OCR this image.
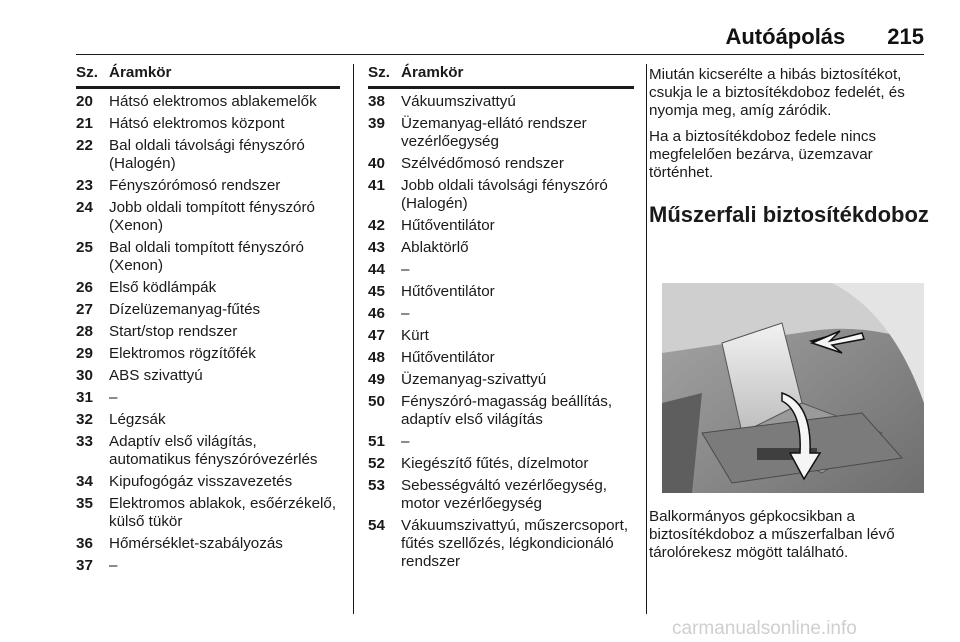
Autóápolás 215
Sz. Áramkör
20	Hátsó elektromos ablakemelők
21	Hátsó elektromos központ
22	Bal oldali távolsági fényszóró (Halogén)
23	Fényszórómosó rendszer
24	Jobb oldali tompított fényszóró (Xenon)
25	Bal oldali tompított fényszóró (Xenon)
26	Első ködlámpák
27	Dízelüzemanyag-fűtés
28	Start/stop rendszer
29	Elektromos rögzítőfék
30	ABS szivattyú
31	–
32	Légzsák
33	Adaptív első világítás, automatikus fényszóróvezérlés
34	Kipufogógáz visszavezetés
35	Elektromos ablakok, esőérzékelő, külső tükör
36	Hőmérséklet-szabályozás
37	–
Sz. Áramkör
38	Vákuumszivattyú
39	Üzemanyag-ellátó rendszer vezérlőegység
40	Szélvédőmosó rendszer
41	Jobb oldali távolsági fényszóró (Halogén)
42	Hűtőventilátor
43	Ablaktörlő
44	–
45	Hűtőventilátor
46	–
47	Kürt
48	Hűtőventilátor
49	Üzemanyag-szivattyú
50	Fényszóró-magasság beállítás, adaptív első világítás
51	–
52	Kiegészítő fűtés, dízelmotor
53	Sebességváltó vezérlőegység, motor vezérlőegység
54	Vákuumszivattyú, műszercsoport, fűtés szellőzés, légkondicionáló rendszer

Miután kicserélte a hibás biztosítékot, csukja le a biztosítékdoboz fedelét, és nyomja meg, amíg záródik.

Ha a biztosítékdoboz fedele nincs megfelelően bezárva, üzemzavar történhet.

Műszerfali biztosítékdoboz

Balkormányos gépkocsikban a biztosítékdoboz a műszerfalban lévő tárolórekesz mögött található.

carmanualsonline.info
